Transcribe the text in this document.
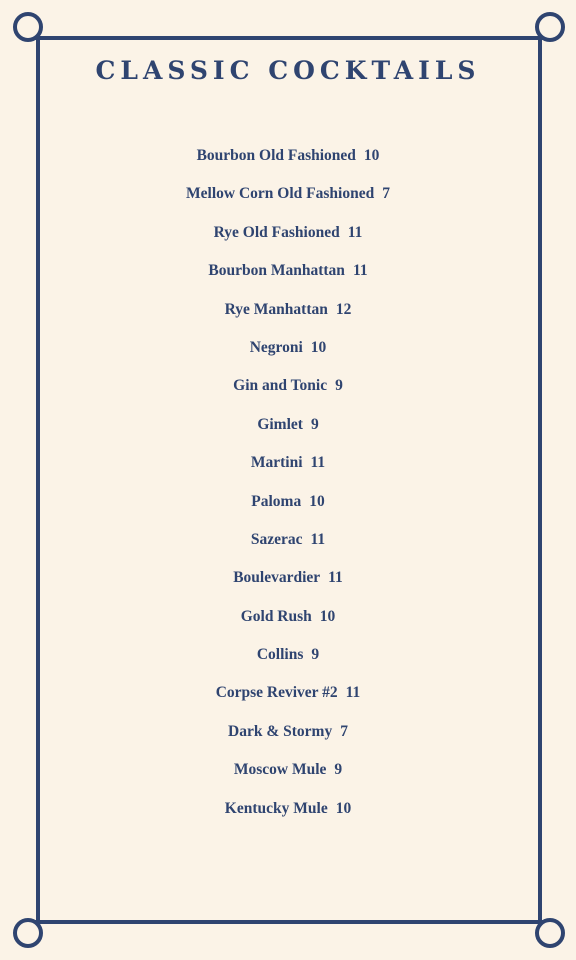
CLASSIC COCKTAILS
Bourbon Old Fashioned 10
Mellow Corn Old Fashioned 7
Rye Old Fashioned 11
Bourbon Manhattan 11
Rye Manhattan 12
Negroni 10
Gin and Tonic 9
Gimlet 9
Martini 11
Paloma 10
Sazerac 11
Boulevardier 11
Gold Rush 10
Collins 9
Corpse Reviver #2 11
Dark & Stormy 7
Moscow Mule 9
Kentucky Mule 10
